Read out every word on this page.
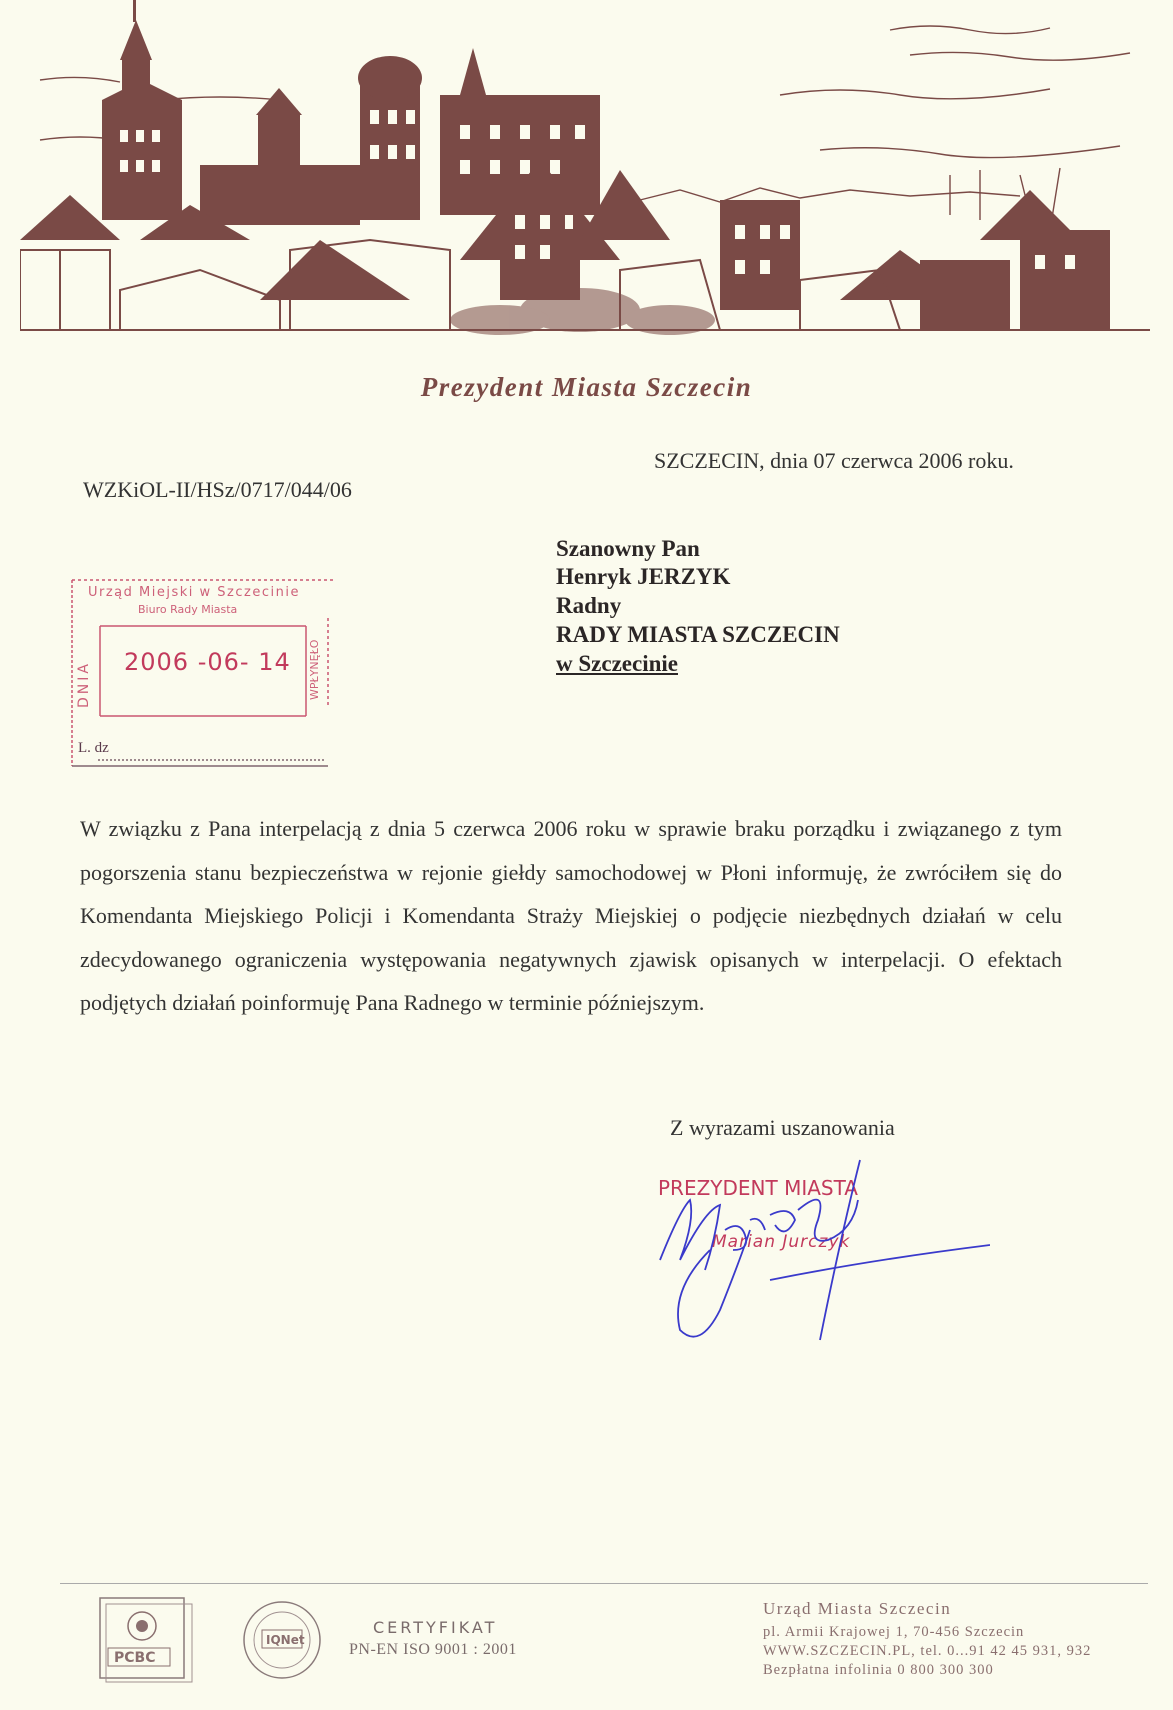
Prezydent Miasta Szczecin
SZCZECIN, dnia 07 czerwca 2006 roku.
WZKiOL-II/HSz/0717/044/06
Szanowny Pan
Henryk JERZYK
Radny
RADY MIASTA SZCZECIN
w Szczecinie
Urząd Miejski w Szczecinie
Biuro Rady Miasta
DNIA	WPŁYNĘŁO
L. dz
2006 -06- 14
W związku z Pana interpelacją z dnia 5 czerwca 2006 roku w sprawie braku porządku i związanego z tym pogorszenia stanu bezpieczeństwa w rejonie giełdy samochodowej w Płoni informuję, że zwróciłem się do Komendanta Miejskiego Policji i Komendanta Straży Miejskiej o podjęcie niezbędnych działań w celu zdecydowanego ograniczenia występowania negatywnych zjawisk opisanych w interpelacji. O efektach podjętych działań poinformuję Pana Radnego w terminie późniejszym.
Z wyrazami uszanowania
PREZYDENT MIASTA
Marian Jurczyk
PCBC
IQNet
CERTYFIKAT
PN-EN ISO 9001 : 2001
Urząd Miasta Szczecin
pl. Armii Krajowej 1, 70-456 Szczecin
WWW.SZCZECIN.PL, tel. 0...91 42 45 931, 932
Bezpłatna infolinia 0 800 300 300
